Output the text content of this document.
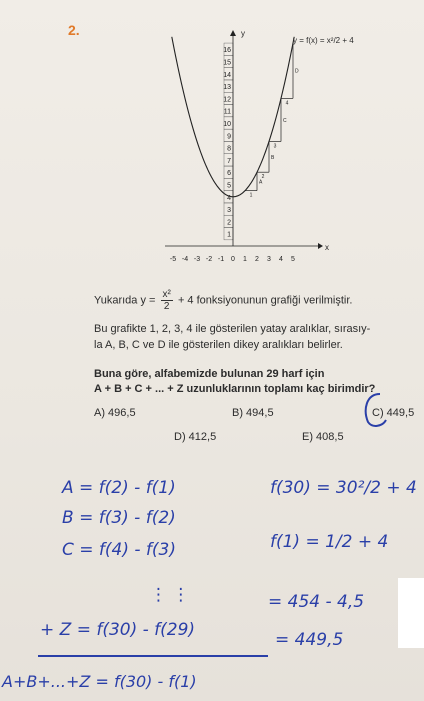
2.
1
2
3
4
5
6
7
8
9
10
11
12
13
14
15
16
y
x
-5 -4 -3 -2 -1 0 1 2 3 4 5
1
A
2
B
3
C
4
D
y = f(x) = x²/2 + 4
Yukarıda $y = \frac{\text{x²}}{2} + 4$ fonksiyonunun grafiği verilmiştir.
Bu grafikte 1, 2, 3, 4 ile gösterilen yatay aralıklar, sırasıy-
la A, B, C ve D ile gösterilen dikey aralıkları belirler.
Buna göre, alfabemizde bulunan 29 harf için
A + B + C + ... + Z uzunluklarının toplamı kaç birimdir?
A) 496,5	B) 494,5	C) 449,5
D) 412,5	E) 408,5
A = f(2) - f(1)
B = f(3) - f(2)
C = f(4) - f(3)
⋮ ⋮
+ Z = f(30) - f(29)
A+B+...+Z = f(30) - f(1)
f(30) = 30²/2 + 4
f(1) = 1/2 + 4
= 454 - 4,5
= 449,5
